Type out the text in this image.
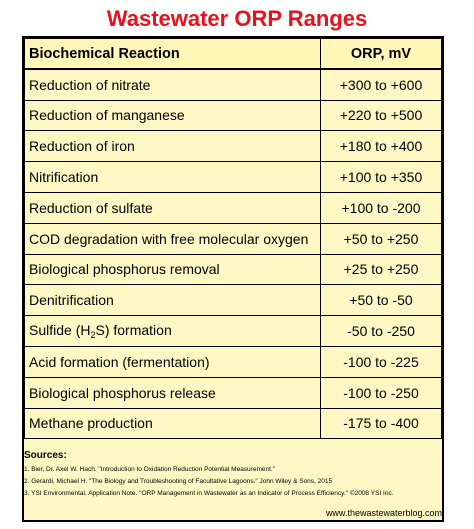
Wastewater ORP Ranges
Biochemical Reaction	ORP, mV
Reduction of nitrate	+300 to +600
Reduction of manganese	+220 to +500
Reduction of iron	+180 to +400
Nitrification	+100 to +350
Reduction of sulfate	+100 to -200
COD degradation with free molecular oxygen	+50 to +250
Biological phosphorus removal	+25 to +250
Denitrification	+50 to -50
Sulfide $(H_2S)$ formation	-50 to -250
Acid formation (fermentation)	-100 to -225
Biological phosphorus release	-100 to -250
Methane production	-175 to -400
Sources:
1. Bier, Dr. Axel W. Hach. "Introduction to Oxidation Reduction Potential Measurement."
2. Gerardi, Michael H. "The Biology and Troubleshooting of Facultative Lagoons." John Wiley & Sons, 2015
3. YSI Environmental. Application Note. "ORP Management in Wastewater as an Indicator of Process Efficiency." ©2008 YSI Inc.
www.thewastewaterblog.com
